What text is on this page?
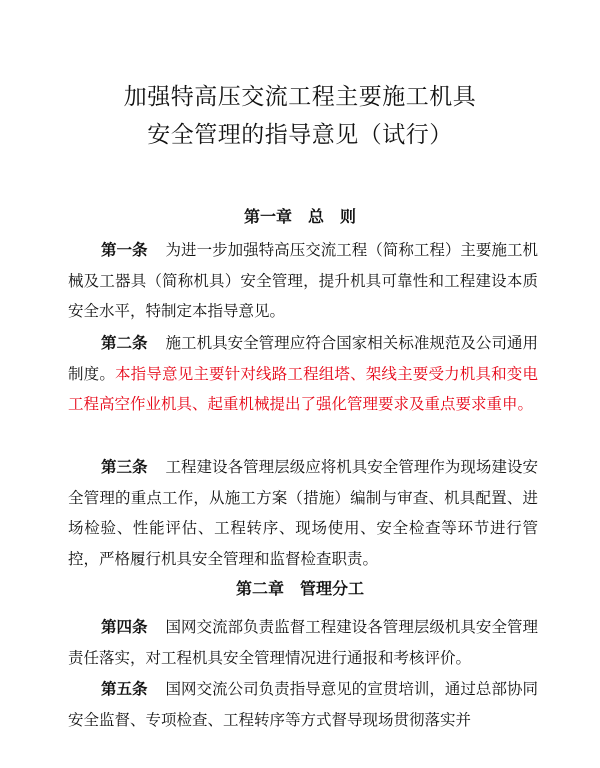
加强特高压交流工程主要施工机具
安全管理的指导意见（试行）
第一章　总　则

第一条 为进一步加强特高压交流工程（简称工程）主要施工机械及工器具（简称机具）安全管理，提升机具可靠性和工程建设本质安全水平，特制定本指导意见。

第二条 施工机具安全管理应符合国家相关标准规范及公司通用制度。本指导意见主要针对线路工程组塔、架线主要受力机具和变电工程高空作业机具、起重机械提出了强化管理要求及重点要求重申。

第三条 工程建设各管理层级应将机具安全管理作为现场建设安全管理的重点工作，从施工方案（措施）编制与审查、机具配置、进场检验、性能评估、工程转序、现场使用、安全检查等环节进行管控，严格履行机具安全管理和监督检查职责。

第二章　管理分工

第四条 国网交流部负责监督工程建设各管理层级机具安全管理责任落实，对工程机具安全管理情况进行通报和考核评价。

第五条 国网交流公司负责指导意见的宣贯培训，通过总部协同安全监督、专项检查、工程转序等方式督导现场贯彻落实并
